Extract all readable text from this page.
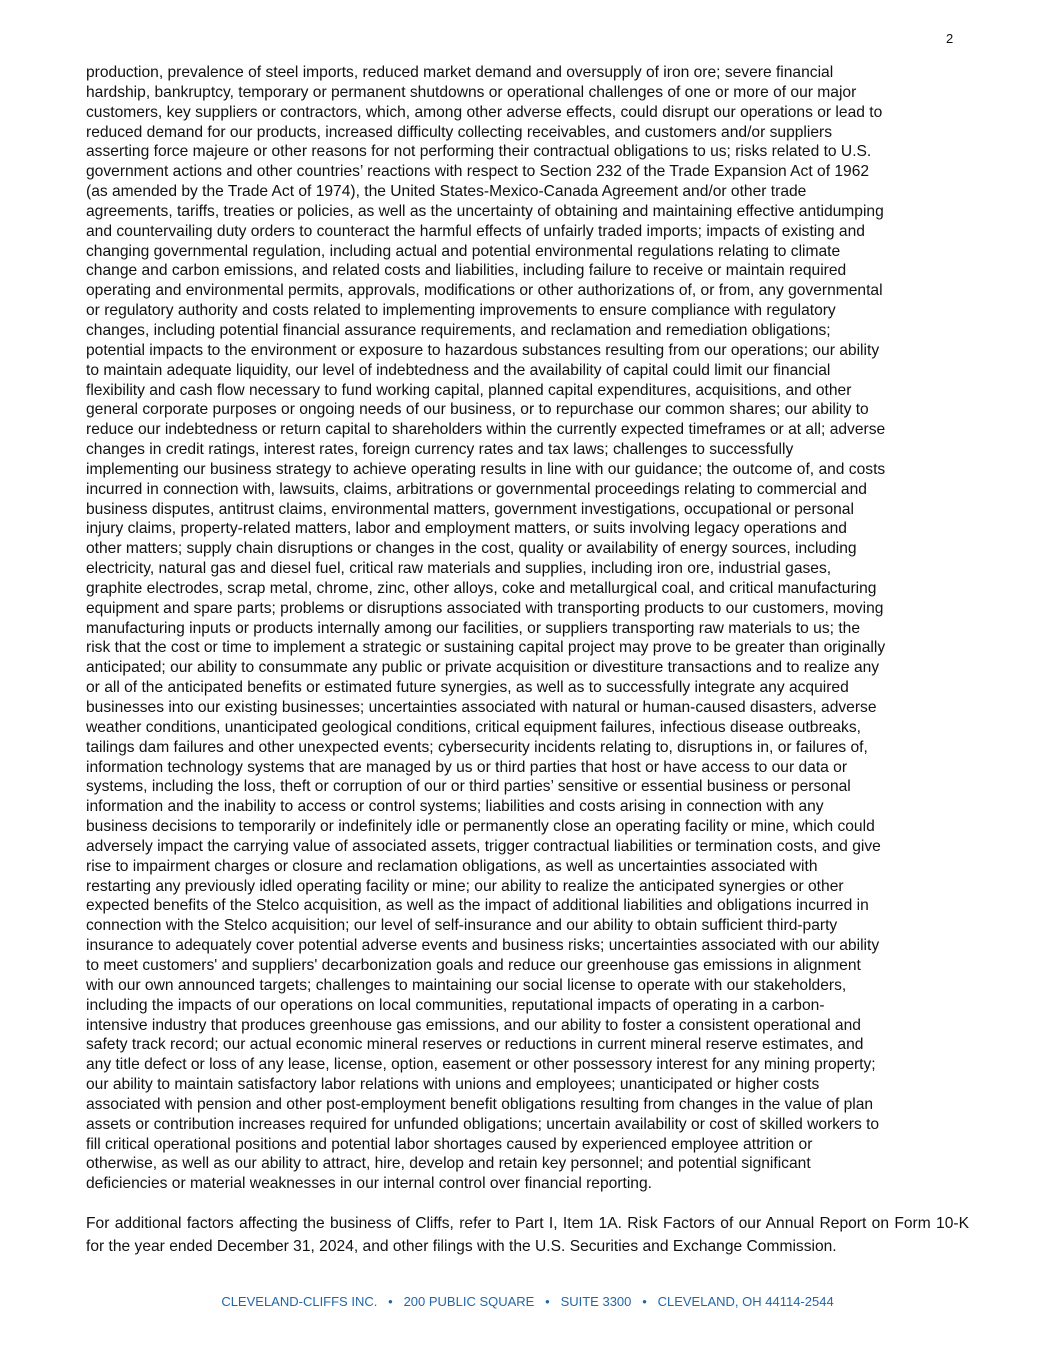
2
production, prevalence of steel imports, reduced market demand and oversupply of iron ore; severe financial
hardship, bankruptcy, temporary or permanent shutdowns or operational challenges of one or more of our major
customers, key suppliers or contractors, which, among other adverse effects, could disrupt our operations or lead to
reduced demand for our products, increased difficulty collecting receivables, and customers and/or suppliers
asserting force majeure or other reasons for not performing their contractual obligations to us; risks related to U.S.
government actions and other countries’ reactions with respect to Section 232 of the Trade Expansion Act of 1962
(as amended by the Trade Act of 1974), the United States-Mexico-Canada Agreement and/or other trade
agreements, tariffs, treaties or policies, as well as the uncertainty of obtaining and maintaining effective antidumping
and countervailing duty orders to counteract the harmful effects of unfairly traded imports; impacts of existing and
changing governmental regulation, including actual and potential environmental regulations relating to climate
change and carbon emissions, and related costs and liabilities, including failure to receive or maintain required
operating and environmental permits, approvals, modifications or other authorizations of, or from, any governmental
or regulatory authority and costs related to implementing improvements to ensure compliance with regulatory
changes, including potential financial assurance requirements, and reclamation and remediation obligations;
potential impacts to the environment or exposure to hazardous substances resulting from our operations; our ability
to maintain adequate liquidity, our level of indebtedness and the availability of capital could limit our financial
flexibility and cash flow necessary to fund working capital, planned capital expenditures, acquisitions, and other
general corporate purposes or ongoing needs of our business, or to repurchase our common shares; our ability to
reduce our indebtedness or return capital to shareholders within the currently expected timeframes or at all; adverse
changes in credit ratings, interest rates, foreign currency rates and tax laws; challenges to successfully
implementing our business strategy to achieve operating results in line with our guidance; the outcome of, and costs
incurred in connection with, lawsuits, claims, arbitrations or governmental proceedings relating to commercial and
business disputes, antitrust claims, environmental matters, government investigations, occupational or personal
injury claims, property-related matters, labor and employment matters, or suits involving legacy operations and
other matters; supply chain disruptions or changes in the cost, quality or availability of energy sources, including
electricity, natural gas and diesel fuel, critical raw materials and supplies, including iron ore, industrial gases,
graphite electrodes, scrap metal, chrome, zinc, other alloys, coke and metallurgical coal, and critical manufacturing
equipment and spare parts; problems or disruptions associated with transporting products to our customers, moving
manufacturing inputs or products internally among our facilities, or suppliers transporting raw materials to us; the
risk that the cost or time to implement a strategic or sustaining capital project may prove to be greater than originally
anticipated; our ability to consummate any public or private acquisition or divestiture transactions and to realize any
or all of the anticipated benefits or estimated future synergies, as well as to successfully integrate any acquired
businesses into our existing businesses; uncertainties associated with natural or human-caused disasters, adverse
weather conditions, unanticipated geological conditions, critical equipment failures, infectious disease outbreaks,
tailings dam failures and other unexpected events; cybersecurity incidents relating to, disruptions in, or failures of,
information technology systems that are managed by us or third parties that host or have access to our data or
systems, including the loss, theft or corruption of our or third parties’ sensitive or essential business or personal
information and the inability to access or control systems; liabilities and costs arising in connection with any
business decisions to temporarily or indefinitely idle or permanently close an operating facility or mine, which could
adversely impact the carrying value of associated assets, trigger contractual liabilities or termination costs, and give
rise to impairment charges or closure and reclamation obligations, as well as uncertainties associated with
restarting any previously idled operating facility or mine; our ability to realize the anticipated synergies or other
expected benefits of the Stelco acquisition, as well as the impact of additional liabilities and obligations incurred in
connection with the Stelco acquisition; our level of self-insurance and our ability to obtain sufficient third-party
insurance to adequately cover potential adverse events and business risks; uncertainties associated with our ability
to meet customers' and suppliers' decarbonization goals and reduce our greenhouse gas emissions in alignment
with our own announced targets; challenges to maintaining our social license to operate with our stakeholders,
including the impacts of our operations on local communities, reputational impacts of operating in a carbon-
intensive industry that produces greenhouse gas emissions, and our ability to foster a consistent operational and
safety track record; our actual economic mineral reserves or reductions in current mineral reserve estimates, and
any title defect or loss of any lease, license, option, easement or other possessory interest for any mining property;
our ability to maintain satisfactory labor relations with unions and employees; unanticipated or higher costs
associated with pension and other post-employment benefit obligations resulting from changes in the value of plan
assets or contribution increases required for unfunded obligations; uncertain availability or cost of skilled workers to
fill critical operational positions and potential labor shortages caused by experienced employee attrition or
otherwise, as well as our ability to attract, hire, develop and retain key personnel; and potential significant
deficiencies or material weaknesses in our internal control over financial reporting.

For additional factors affecting the business of Cliffs, refer to Part I, Item 1A. Risk Factors of our Annual Report on Form 10-K for the year ended December 31, 2024, and other filings with the U.S. Securities and Exchange Commission.

CLEVELAND-CLIFFS INC.   •   200 PUBLIC SQUARE   •   SUITE 3300   •   CLEVELAND, OH 44114-2544
